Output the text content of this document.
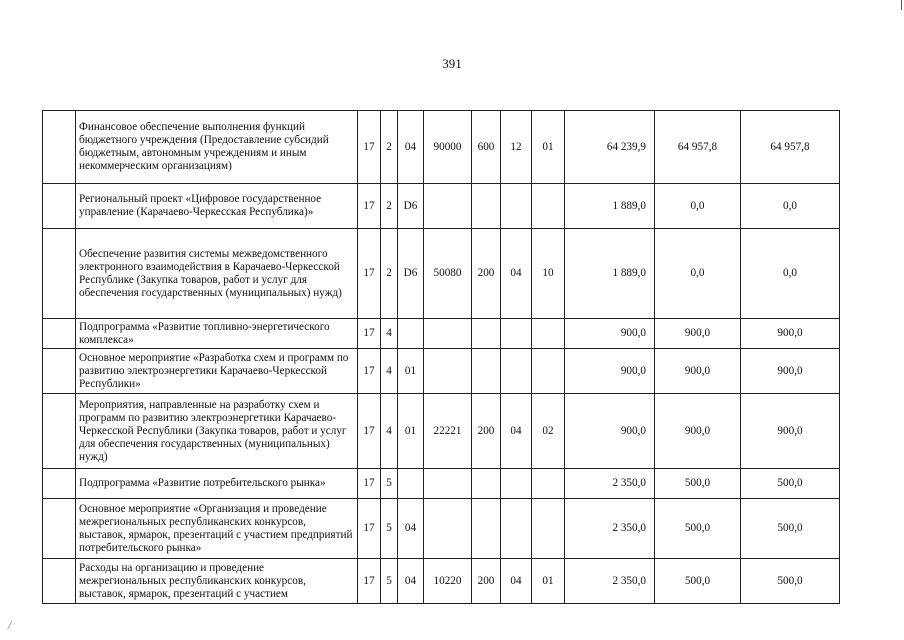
391
	Финансовое обеспечение выполнения функций бюджетного учреждения (Предоставление субсидий бюджетным, автономным учреждениям и иным некоммерческим организациям)	17	2	04	90000	600	12	01	64 239,9	64 957,8	64 957,8
	Региональный проект «Цифровое государственное управление (Карачаево-Черкесская Республика)»	17	2	D6					1 889,0	0,0	0,0
	Обеспечение развития системы межведомственного электронного взаимодействия в Карачаево-Черкесской Республике (Закупка товаров, работ и услуг для обеспечения государственных (муниципальных) нужд)	17	2	D6	50080	200	04	10	1 889,0	0,0	0,0
	Подпрограмма «Развитие топливно-энергетического комплекса»	17	4						900,0	900,0	900,0
	Основное мероприятие «Разработка схем и программ по развитию электроэнергетики Карачаево-Черкесской Республики»	17	4	01					900,0	900,0	900,0
	Мероприятия, направленные на разработку схем и программ по развитию электроэнергетики Карачаево-Черкесской Республики (Закупка товаров, работ и услуг для обеспечения государственных (муниципальных) нужд)	17	4	01	22221	200	04	02	900,0	900,0	900,0
	Подпрограмма «Развитие потребительского рынка»	17	5						2 350,0	500,0	500,0
	Основное мероприятие «Организация и проведение межрегиональных республиканских конкурсов, выставок, ярмарок, презентаций с участием предприятий потребительского рынка»	17	5	04					2 350,0	500,0	500,0
	Расходы на организацию и проведение межрегиональных республиканских конкурсов, выставок, ярмарок, презентаций с участием	17	5	04	10220	200	04	01	2 350,0	500,0	500,0
/
